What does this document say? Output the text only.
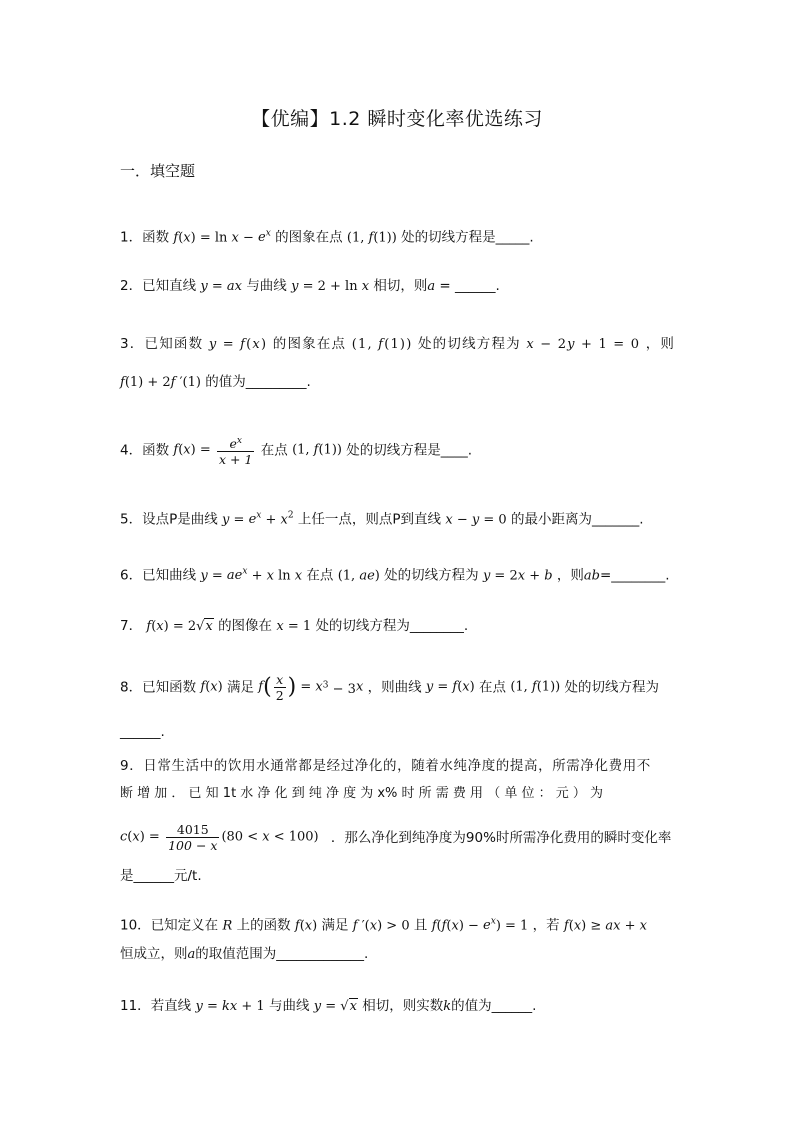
【优编】1.2 瞬时变化率优选练习
一．填空题
1．函数 $f(x) = \ln x - e^x$ 的图象在点 (1, f(1)) 处的切线方程是_____.
2．已知直线 y = ax 与曲线 y = 2 + ln x 相切，则a = ______.
3．已知函数 y = f(x) 的图象在点 (1, f(1)) 处的切线方程为 x − 2y + 1 = 0 ，则
f(1) + 2f ′(1) 的值为_________.
4．函数 $f(x) = \frac{e^x}{x + 1}$ 在点 (1, f(1)) 处的切线方程是____.
5．设点P是曲线 $y = e^x + x^2$ 上任一点，则点P到直线 x − y = 0 的最小距离为_______.
6．已知曲线 $y = ae^x + x$ ln x 在点 (1, ae) 处的切线方程为 y = 2x + b ，则ab=________.
7． f(x) = 2√x 的图像在 x = 1 处的切线方程为________.
8．已知函数 f(x) 满足 $f( \frac{x}{2}$ ) = $x^3 - 3x$ ，则曲线 y = f(x) 在点 (1, f(1)) 处的切线方程为
______.
9．日常生活中的饮用水通常都是经过净化的，随着水纯净度的提高，所需净化费用不
断 增 加 ． 已 知 1t 水 净 化 到 纯 净 度 为 x% 时 所 需 费 用 （ 单 位 ： 元 ） 为
$c(x) = \frac{4015}{100 - x} (80 < x < 100)$ ．那么净化到纯净度为90%时所需净化费用的瞬时变化率
是______元/t.
10．已知定义在 R 上的函数 f(x) 满足 f ′(x) > 0 且 $f(f(x) - e^x) = 1$ ，若 f(x) ≥ ax + x
恒成立，则a的取值范围为_____________.
11．若直线 y = kx + 1 与曲线 y = √x 相切，则实数k的值为______.
